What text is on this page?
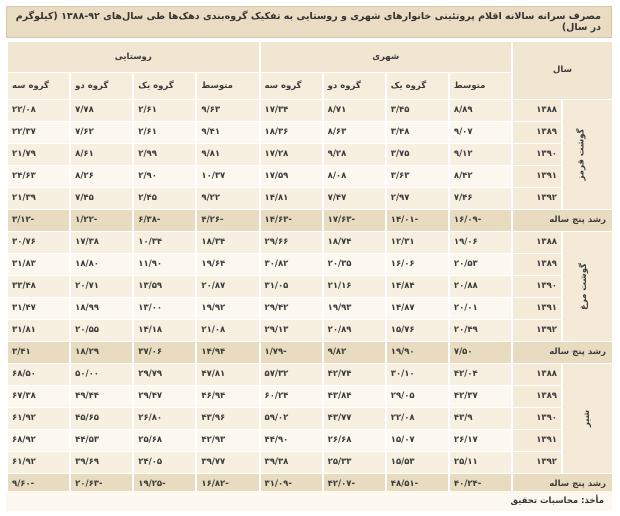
مصرف سرانه سالانه اقلام پروتئینی خانوارهای شهری و روستایی به تفکیک گروه‌بندی دهک‌ها طی سال‌های ۹۲-۱۳۸۸ (کیلوگرم در سال)
سال		شهری				روستایی			
		متوسط	گروه یک	گروه دو	گروه سه	متوسط	گروه یک	گروه دو	گروه سه
گوشت قرمز	۱۳۸۸	۸/۸۹	۳/۴۵	۸/۷۱	۱۷/۳۴	۹/۶۳	۲/۶۱	۷/۷۸	۲۲/۰۸
	۱۳۸۹	۹/۰۷	۳/۴۸	۸/۶۳	۱۸/۳۶	۹/۴۱	۲/۶۱	۷/۶۲	۲۲/۳۷
	۱۳۹۰	۹/۱۲	۳/۷۵	۹/۲۸	۱۷/۲۸	۹/۸۱	۲/۹۹	۸/۶۱	۲۱/۷۹
	۱۳۹۱	۸/۴۲	۳/۶۳	۸/۰۸	۱۷/۵۹	۱۰/۳۷	۲/۹۰	۸/۲۶	۲۴/۶۳
	۱۳۹۲	۷/۴۶	۲/۹۷	۷/۴۷	۱۴/۸۱	۹/۲۲	۲/۴۵	۷/۴۵	۲۱/۳۹
رشد پنج ساله		-۱۶/۰۹	-۱۴/۰۱	-۱۷/۶۳	-۱۴/۶۳	-۴/۲۶	-۶/۳۸	-۱/۲۲	-۳/۱۲
گوشت مرغ	۱۳۸۸	۱۹/۰۶	۱۲/۳۱	۱۸/۷۴	۲۹/۶۶	۱۸/۳۴	۱۰/۳۴	۱۷/۳۸	۳۰/۷۶
	۱۳۸۹	۲۰/۵۳	۱۶/۰۶	۲۰/۳۵	۳۰/۸۲	۱۹/۶۴	۱۱/۹۰	۱۸/۸۰	۳۱/۸۳
	۱۳۹۰	۲۰/۸۸	۱۴/۸۴	۲۱/۱۶	۳۱/۰۵	۲۰/۸۷	۱۳/۵۹	۲۰/۷۱	۳۳/۴۸
	۱۳۹۱	۲۰/۰۱	۱۴/۸۷	۱۹/۹۳	۲۹/۴۲	۱۹/۹۲	۱۳/۰۰	۱۸/۹۹	۳۱/۴۷
	۱۳۹۲	۲۰/۴۹	۱۵/۷۶	۲۰/۸۹	۲۹/۱۳	۲۱/۰۸	۱۴/۱۸	۲۰/۵۵	۳۱/۸۱
رشد پنج ساله		۷/۵۰	۱۹/۹۰	۹/۸۲	-۱/۷۹	۱۴/۹۴	۳۷/۰۶	۱۸/۲۹	۳/۴۱
شیر	۱۳۸۸	۴۲/۰۴	۳۰/۱۰	۴۲/۷۴	۵۷/۳۲	۴۷/۸۱	۲۹/۷۹	۵۰/۰۰	۶۸/۵۰
	۱۳۸۹	۴۲/۳۷	۲۹/۰۵	۴۳/۸۴	۶۰/۲۴	۴۶/۹۴	۲۹/۴۷	۴۹/۴۴	۶۷/۳۸
	۱۳۹۰	۴۳/۹	۲۲/۰۸	۴۳/۷۷	۵۹/۰۲	۴۳/۹۶	۲۶/۸۰	۴۵/۶۵	۶۱/۹۲
	۱۳۹۱	۲۶/۱۷	۱۵/۰۷	۲۶/۶۸	۴۴/۹۰	۴۲/۹۳	۲۵/۶۸	۴۴/۵۳	۶۸/۹۲
	۱۳۹۲	۲۵/۱۱	۱۵/۵۳	۲۵/۳۳	۳۹/۳۸	۳۹/۷۷	۲۴/۰۵	۳۹/۶۹	۶۱/۹۲
رشد پنج ساله		-۴۰/۲۴	-۴۸/۵۱	-۴۲/۰۷	-۳۱/۰۹	-۱۶/۸۲	-۱۹/۲۵	-۲۰/۶۳	-۹/۶۰
مأخذ: محاسبات تحقیق
